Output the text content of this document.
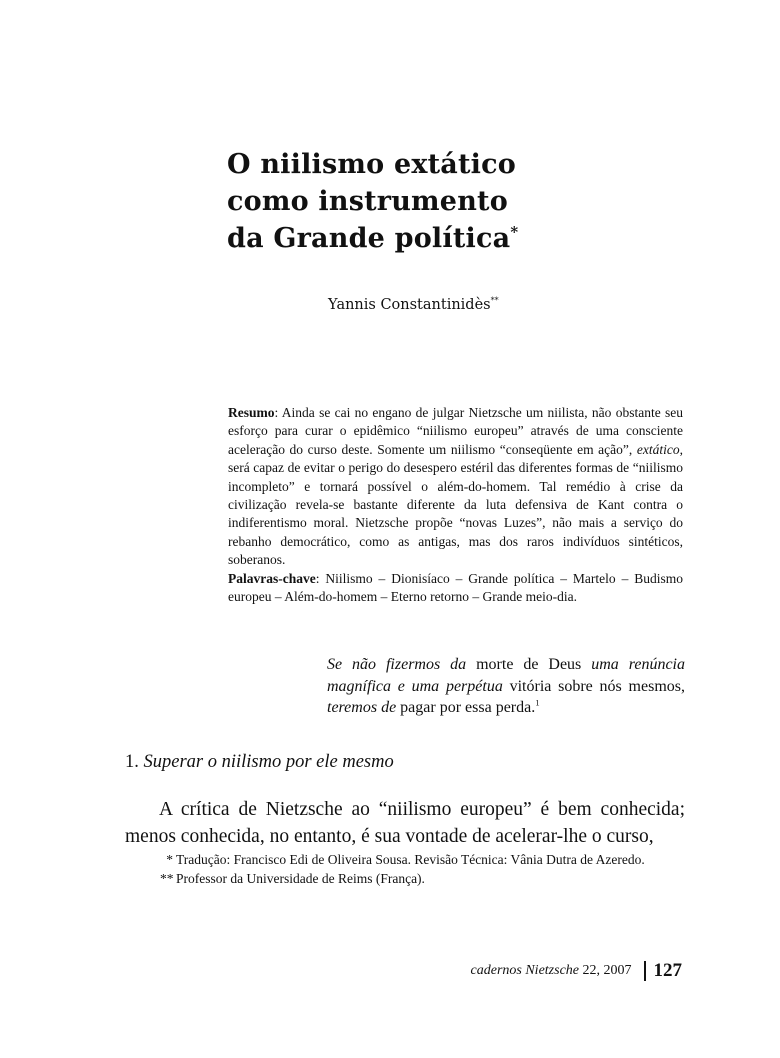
O niilismo extático
como instrumento
da Grande política*
Yannis Constantinidès**
Resumo: Ainda se cai no engano de julgar Nietzsche um niilista, não obstante seu esforço para curar o epidêmico “niilismo europeu” através de uma consciente aceleração do curso deste. Somente um niilismo “conseqüente em ação”, extático, será capaz de evitar o perigo do desespero estéril das diferentes formas de “niilismo incompleto” e tornará possível o além-do-homem. Tal remédio à crise da civilização revela-se bastante diferente da luta defensiva de Kant contra o indiferentismo moral. Nietzsche propõe “novas Luzes”, não mais a serviço do rebanho democrático, como as antigas, mas dos raros indivíduos sintéticos, soberanos.
Palavras-chave: Niilismo – Dionisíaco – Grande política – Martelo – Budismo europeu – Além-do-homem – Eterno retorno – Grande meio-dia.
Se não fizermos da morte de Deus uma renúncia magnífica e uma perpétua vitória sobre nós mesmos, teremos de pagar por essa perda.$^1$
1. Superar o niilismo por ele mesmo
A crítica de Nietzsche ao “niilismo europeu” é bem conhecida; menos conhecida, no entanto, é sua vontade de acelerar-lhe o curso,
* Tradução: Francisco Edi de Oliveira Sousa. Revisão Técnica: Vânia Dutra de Azeredo.
** Professor da Universidade de Reims (França).
cadernos Nietzsche
22, 2007 127
